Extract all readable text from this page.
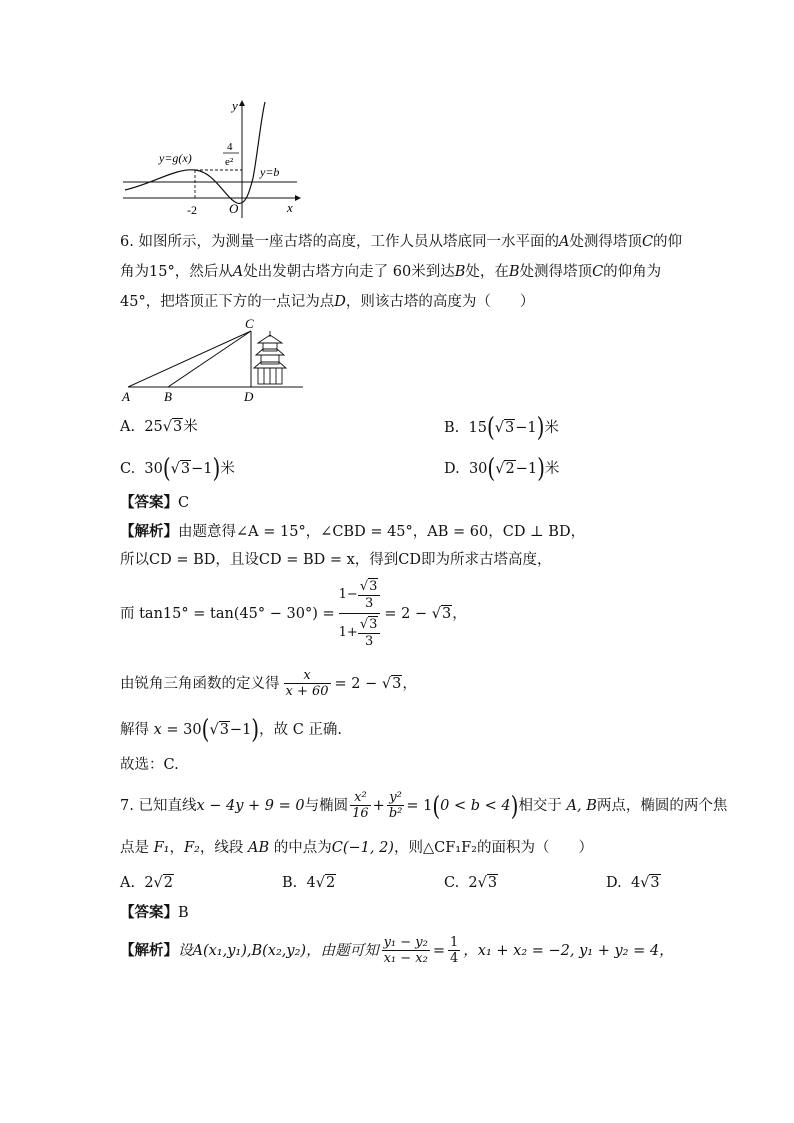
y
x
O
y=g(x)
y=b
-2
4
e²
6. 如图所示，为测量一座古塔的高度，工作人员从塔底同一水平面的A处测得塔顶C的仰
角为15°，然后从A处出发朝古塔方向走了 60米到达B处，在B处测得塔顶C的仰角为
45°，把塔顶正下方的一点记为点D，则该古塔的高度为（　　）
A	B
C
D
A. 25√3米	B. 15(√3−1)米
C. 30(√3−1)米	D. 30(√2−1)米
【答案】C
【解析】由题意得∠A = 15°，∠CBD = 45°，AB = 60，CD ⊥ BD，
所以CD = BD，且设CD = BD = x，得到CD即为所求古塔高度，
而 tan15° = tan(45° − 30°) =
$1- \frac{√3}{3}$
$1+ \frac{√3}{3}$
= 2 − √ 3 ，
由锐角三角函数的定义得 $\frac{x}{x + 60} = 2$ − √ 3 ，
解得 x = 30(√3−1)，故 C 正确.
故选：C.
7. 已知直线 x − 4y + 9 = 0 与椭圆 $\frac{\text{x²}}{16} + \frac{\text{y²}}{\text{b²}} = 1$ ( 0 < b < 4 ) 相交于
A, B 两点，椭圆的两个焦
点是 F₁，F₂，线段 AB 的中点为C(−1, 2)，则△CF₁F₂的面积为（　　）
A. 2√2	B. 4√2	C. 2√3	D. 4√3
【答案】B
【解析】 设A(x₁,y₁),B(x₂,y₂)，由题可知 $\frac{\text{y₁ − y₂}}{\text{x₁ − x₂}} = \frac{1}{4}$ ，x₁ + x₂ = −2, y₁ + y₂ = 4，
